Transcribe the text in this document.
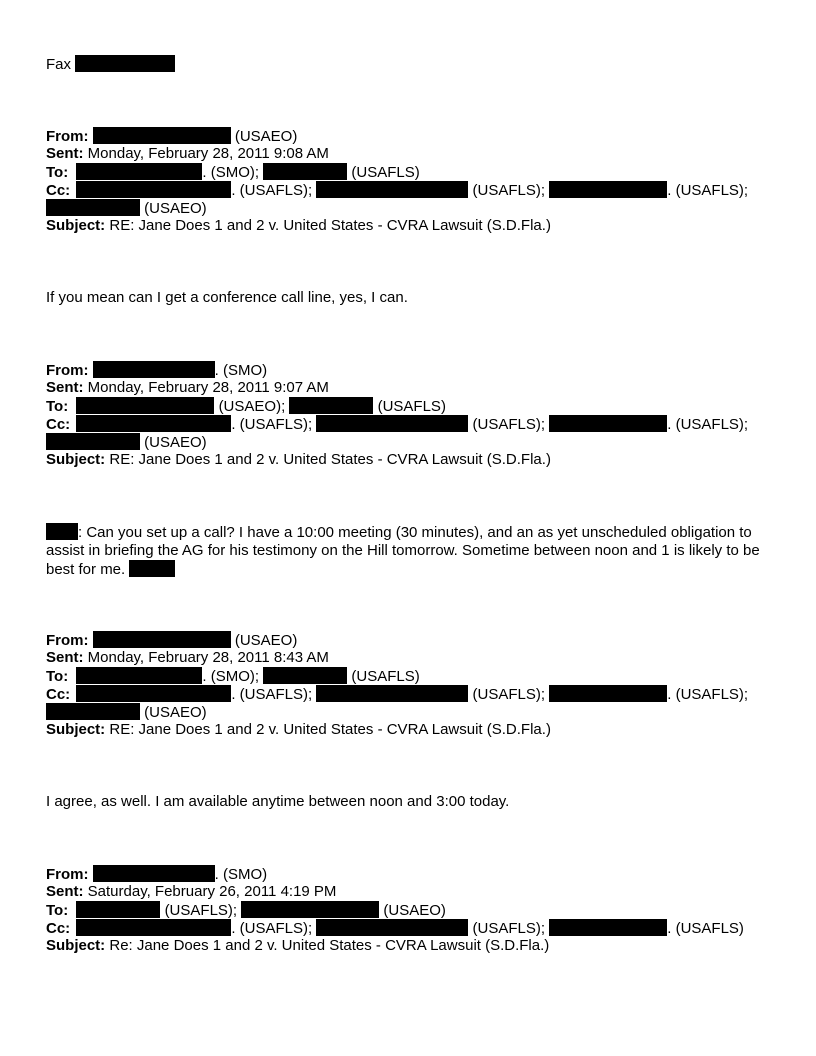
Fax
From:	(USAEO)
Sent: Monday, February 28, 2011 9:08 AM
To:	. (SMO);	(USAFLS)
Cc:	. (USAFLS);	(USAFLS);	. (USAFLS);
(USAEO)
Subject: RE: Jane Does 1 and 2 v. United States - CVRA Lawsuit (S.D.Fla.)
If you mean can I get a conference call line, yes, I can.
From:	. (SMO)
Sent: Monday, February 28, 2011 9:07 AM
To:	(USAEO);	(USAFLS)
Cc:	. (USAFLS);	(USAFLS);	. (USAFLS);
(USAEO)
Subject: RE: Jane Does 1 and 2 v. United States - CVRA Lawsuit (S.D.Fla.)
: Can you set up a call? I have a 10:00 meeting (30 minutes), and an as yet unscheduled obligation to assist in briefing the AG for his testimony on the Hill tomorrow. Sometime between noon and 1 is likely to be best for me.
From:	(USAEO)
Sent: Monday, February 28, 2011 8:43 AM
To:	. (SMO);	(USAFLS)
Cc:	. (USAFLS);	(USAFLS);	. (USAFLS);
(USAEO)
Subject: RE: Jane Does 1 and 2 v. United States - CVRA Lawsuit (S.D.Fla.)
I agree, as well. I am available anytime between noon and 3:00 today.
From:	. (SMO)
Sent: Saturday, February 26, 2011 4:19 PM
To:	(USAFLS);	(USAEO)
Cc:	. (USAFLS);	(USAFLS);	. (USAFLS)
Subject: Re: Jane Does 1 and 2 v. United States - CVRA Lawsuit (S.D.Fla.)
